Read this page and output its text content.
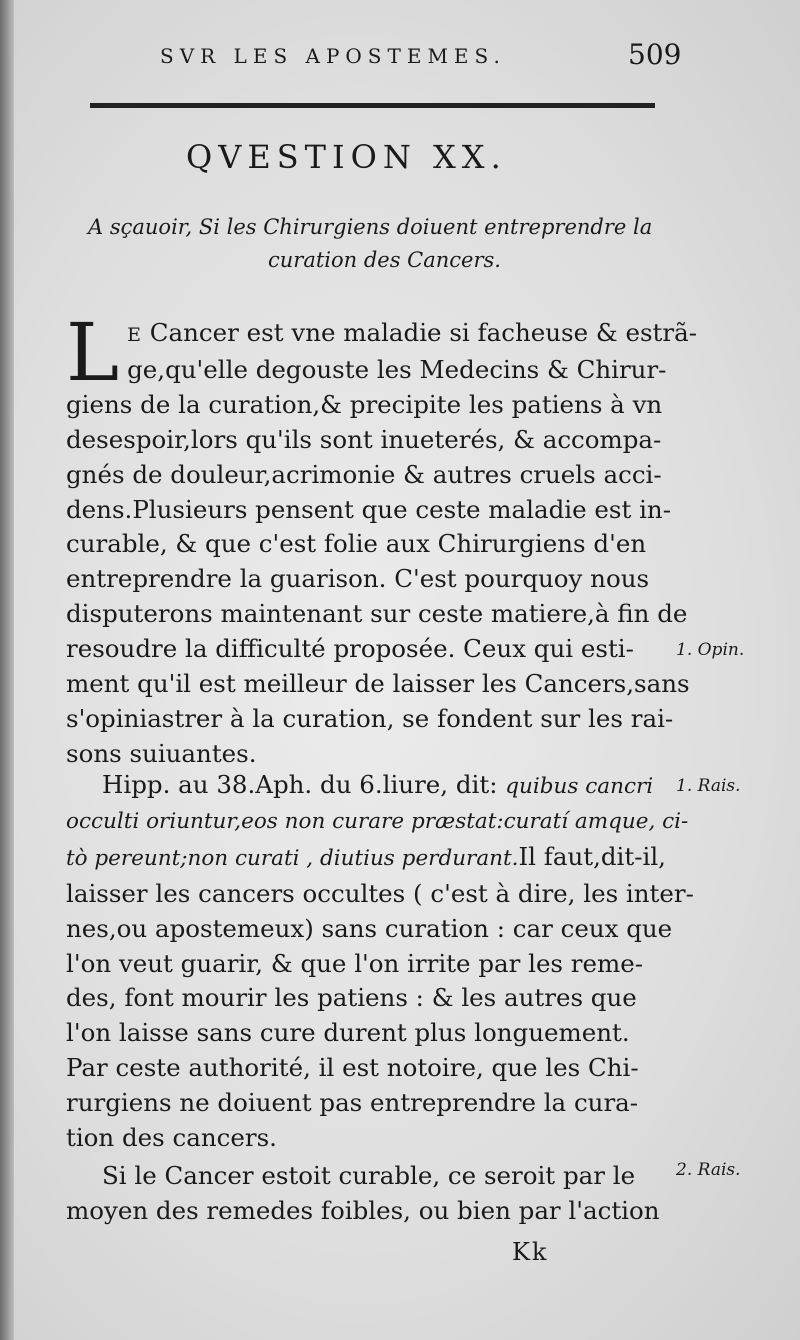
SVR LES APOSTEMES.	509
QVESTION XX.
A sçauoir, Si les Chirurgiens doiuent entreprendre la
curation des Cancers.
L E Cancer est vne maladie si facheuse & estrã-
ge,qu'elle degouste les Medecins & Chirur-
giens de la curation,& precipite les patiens à vn
desespoir,lors qu'ils sont inueterés, & accompa-
gnés de douleur,acrimonie & autres cruels acci-
dens.Plusieurs pensent que ceste maladie est in-
curable, & que c'est folie aux Chirurgiens d'en
entreprendre la guarison. C'est pourquoy nous
disputerons maintenant sur ceste matiere,à fin de
resoudre la difficulté proposée. Ceux qui esti-
ment qu'il est meilleur de laisser les Cancers,sans
s'opiniastrer à la curation, se fondent sur les rai-
sons suiuantes.
Hipp. au 38.Aph. du 6.liure, dit: quibus cancri
occulti oriuntur,eos non curare præstat:curatí amque, ci-
tò pereunt;non curati , diutius perdurant.Il faut,dit-il,
laisser les cancers occultes ( c'est à dire, les inter-
nes,ou apostemeux) sans curation : car ceux que
l'on veut guarir, & que l'on irrite par les reme-
des, font mourir les patiens : & les autres que
l'on laisse sans cure durent plus longuement.
Par ceste authorité, il est notoire, que les Chi-
rurgiens ne doiuent pas entreprendre la cura-
tion des cancers.
Si le Cancer estoit curable, ce seroit par le
moyen des remedes foibles, ou bien par l'action
1. Opin.
1. Rais.
2. Rais.
Kk
